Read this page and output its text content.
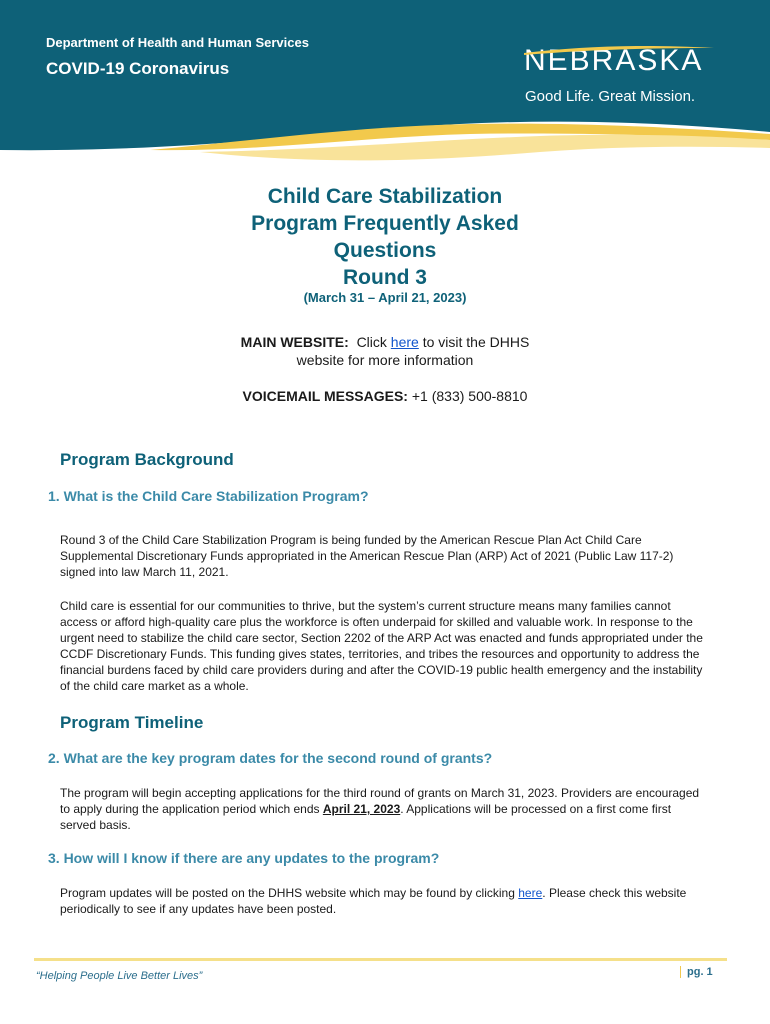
Department of Health and Human Services
COVID-19 Coronavirus	NEBRASKA
Good Life. Great Mission.
Child Care Stabilization
Program Frequently Asked
Questions
Round 3
(March 31 – April 21, 2023)
MAIN WEBSITE: Click here to visit the DHHS
website for more information
VOICEMAIL MESSAGES: +1 (833) 500-8810
Program Background
1. What is the Child Care Stabilization Program?
Round 3 of the Child Care Stabilization Program is being funded by the American Rescue Plan Act Child Care Supplemental Discretionary Funds appropriated in the American Rescue Plan (ARP) Act of 2021 (Public Law 117-2) signed into law March 11, 2021.
Child care is essential for our communities to thrive, but the system’s current structure means many families cannot access or afford high-quality care plus the workforce is often underpaid for skilled and valuable work. In response to the urgent need to stabilize the child care sector, Section 2202 of the ARP Act was enacted and funds appropriated under the CCDF Discretionary Funds. This funding gives states, territories, and tribes the resources and opportunity to address the financial burdens faced by child care providers during and after the COVID-19 public health emergency and the instability of the child care market as a whole.
Program Timeline
2. What are the key program dates for the second round of grants?
The program will begin accepting applications for the third round of grants on March 31, 2023. Providers are encouraged to apply during the application period which ends April 21, 2023. Applications will be processed on a first come first served basis.
3. How will I know if there are any updates to the program?
Program updates will be posted on the DHHS website which may be found by clicking here. Please check this website periodically to see if any updates have been posted.
“Helping People Live Better Lives”	pg. 1
